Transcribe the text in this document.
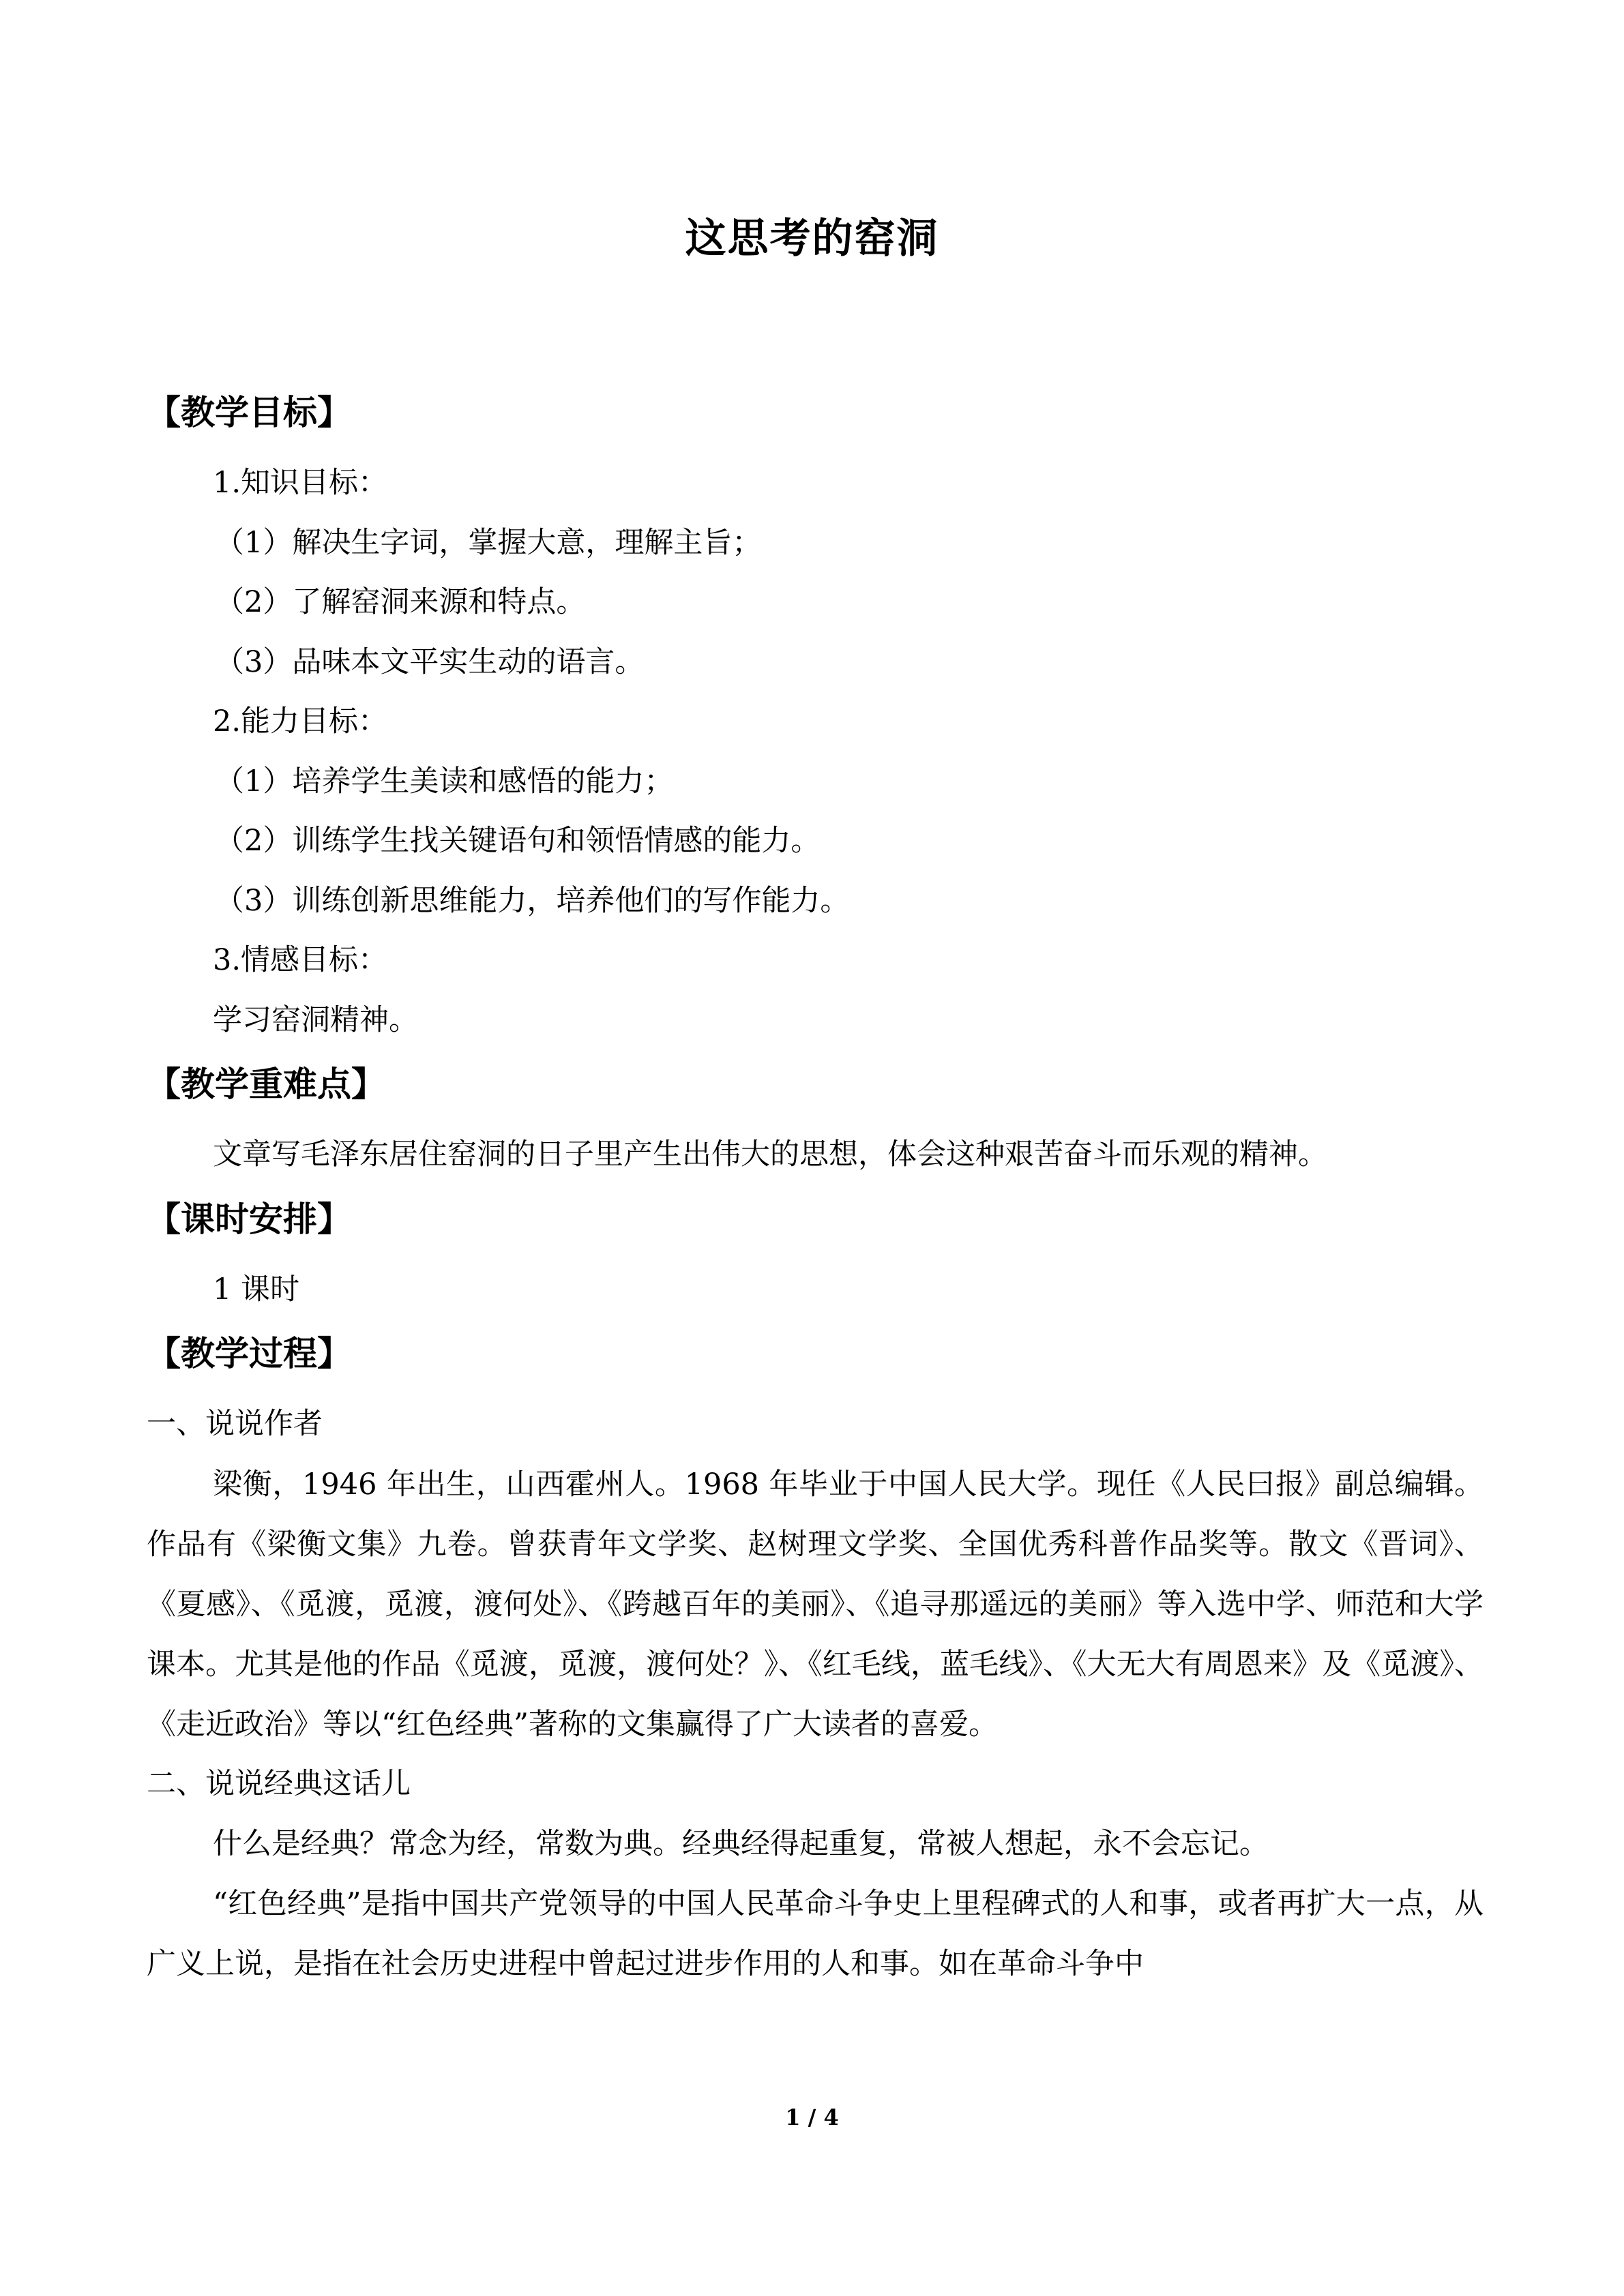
这思考的窑洞
【教学目标】
1.知识目标：
（1）解决生字词，掌握大意，理解主旨；
（2）了解窑洞来源和特点。
（3）品味本文平实生动的语言。
2.能力目标：
（1）培养学生美读和感悟的能力；
（2）训练学生找关键语句和领悟情感的能力。
（3）训练创新思维能力，培养他们的写作能力。
3.情感目标：
学习窑洞精神。
【教学重难点】
文章写毛泽东居住窑洞的日子里产生出伟大的思想，体会这种艰苦奋斗而乐观的精神。
【课时安排】
1 课时
【教学过程】
一、说说作者

梁衡，1946 年出生，山西霍州人。1968 年毕业于中国人民大学。现任《人民曰报》副总编辑。作品有《梁衡文集》九卷。曾获青年文学奖、赵树理文学奖、全国优秀科普作品奖等。散文《晋词》、《夏感》、《觅渡，觅渡，渡何处》、《跨越百年的美丽》、《追寻那遥远的美丽》等入选中学、师范和大学课本。尤其是他的作品《觅渡，觅渡，渡何处？》、《红毛线，蓝毛线》、《大无大有周恩来》及《觅渡》、《走近政治》等以“红色经典”著称的文集赢得了广大读者的喜爱。

二、说说经典这话儿

什么是经典？常念为经，常数为典。经典经得起重复，常被人想起，永不会忘记。

“红色经典”是指中国共产党领导的中国人民革命斗争史上里程碑式的人和事，或者再扩大一点，从广义上说，是指在社会历史进程中曾起过进步作用的人和事。如在革命斗争中

1 / 4
